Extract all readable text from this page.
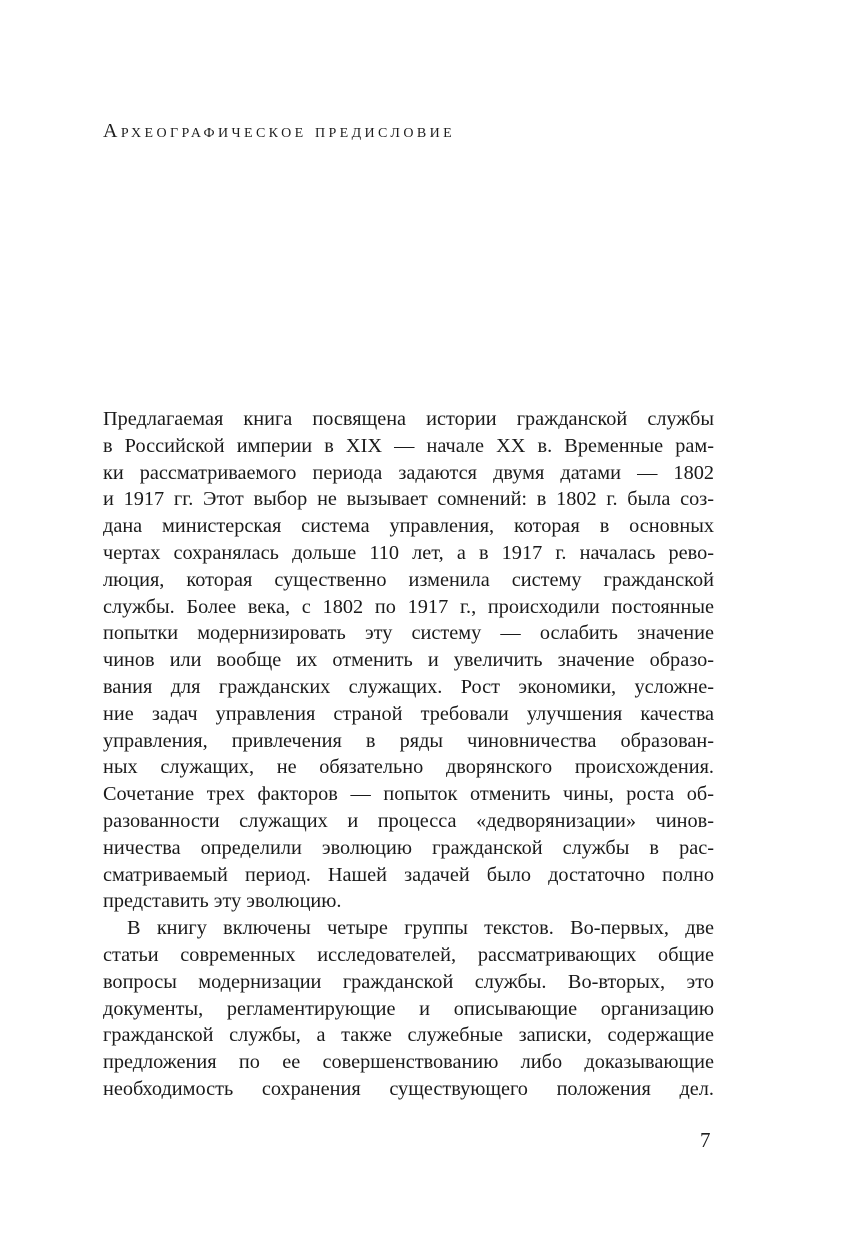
Археографическое предисловие
Предлагаемая книга посвящена истории гражданской службы
в Российской империи в XIX — начале XX в. Временные рам-
ки рассматриваемого периода задаются двумя датами — 1802
и 1917 гг. Этот выбор не вызывает сомнений: в 1802 г. была соз-
дана министерская система управления, которая в основных
чертах сохранялась дольше 110 лет, а в 1917 г. началась рево-
люция, которая существенно изменила систему гражданской
службы. Более века, с 1802 по 1917 г., происходили постоянные
попытки модернизировать эту систему — ослабить значение
чинов или вообще их отменить и увеличить значение образо-
вания для гражданских служащих. Рост экономики, усложне-
ние задач управления страной требовали улучшения качества
управления, привлечения в ряды чиновничества образован-
ных служащих, не обязательно дворянского происхождения.
Сочетание трех факторов — попыток отменить чины, роста об-
разованности служащих и процесса «дедворянизации» чинов-
ничества определили эволюцию гражданской службы в рас-
сматриваемый период. Нашей задачей было достаточно полно
представить эту эволюцию.
В книгу включены четыре группы текстов. Во-первых, две
статьи современных исследователей, рассматривающих общие
вопросы модернизации гражданской службы. Во-вторых, это
документы, регламентирующие и описывающие организацию
гражданской службы, а также служебные записки, содержащие
предложения по ее совершенствованию либо доказывающие
необходимость сохранения существующего положения дел.
7
